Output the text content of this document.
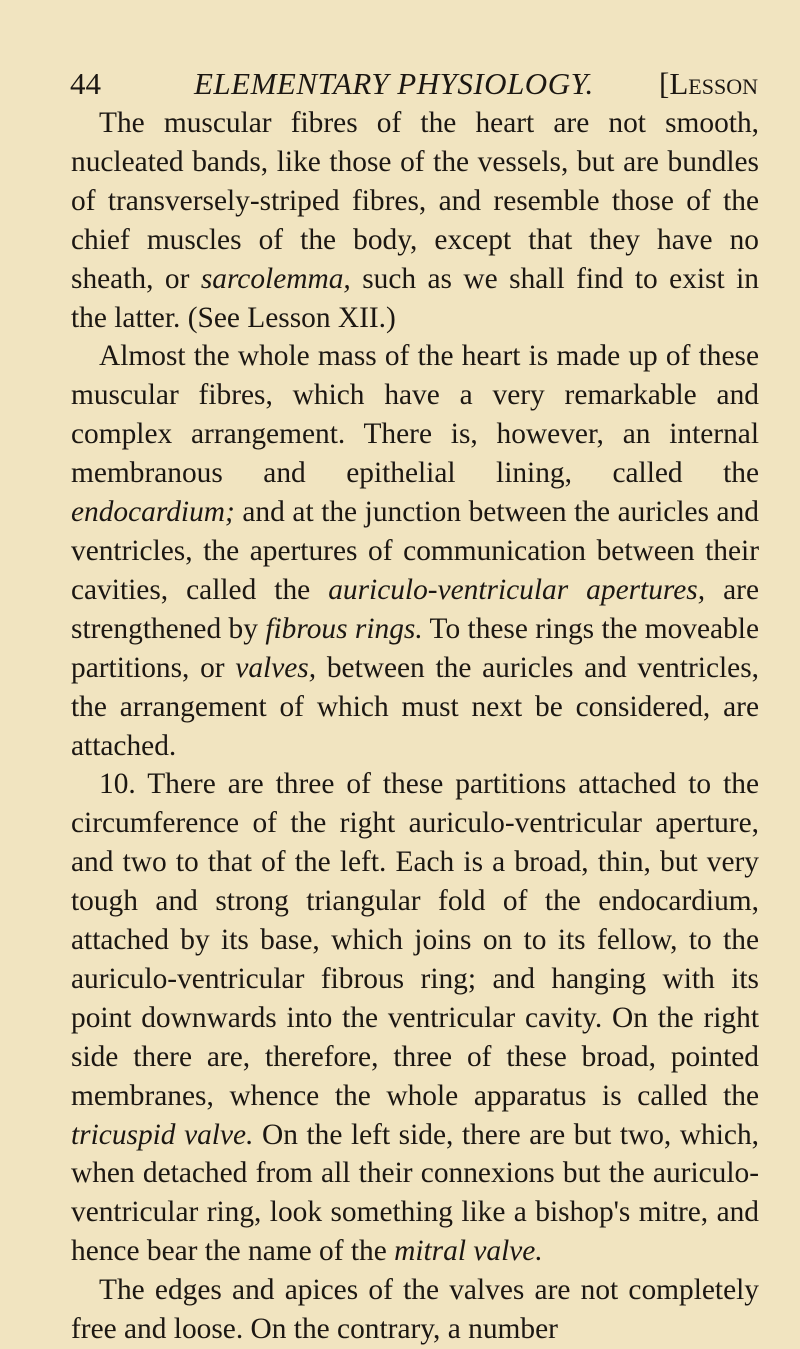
44	ELEMENTARY PHYSIOLOGY. [Lesson

The muscular fibres of the heart are not smooth, nucleated bands, like those of the vessels, but are bundles of transversely-striped fibres, and resemble those of the chief muscles of the body, except that they have no sheath, or sarcolemma, such as we shall find to exist in the latter. (See Lesson XII.)

Almost the whole mass of the heart is made up of these muscular fibres, which have a very remarkable and complex arrangement. There is, however, an internal membranous and epithelial lining, called the endocardium; and at the junction between the auricles and ventricles, the apertures of communication between their cavities, called the auriculo-ventricular apertures, are strengthened by fibrous rings. To these rings the moveable partitions, or valves, between the auricles and ventricles, the arrangement of which must next be considered, are attached.

10. There are three of these partitions attached to the circumference of the right auriculo-ventricular aperture, and two to that of the left. Each is a broad, thin, but very tough and strong triangular fold of the endocardium, attached by its base, which joins on to its fellow, to the auriculo-ventricular fibrous ring; and hanging with its point downwards into the ventricular cavity. On the right side there are, therefore, three of these broad, pointed membranes, whence the whole apparatus is called the tricuspid valve. On the left side, there are but two, which, when detached from all their connexions but the auriculo-ventricular ring, look something like a bishop's mitre, and hence bear the name of the mitral valve.

The edges and apices of the valves are not completely free and loose. On the contrary, a number
